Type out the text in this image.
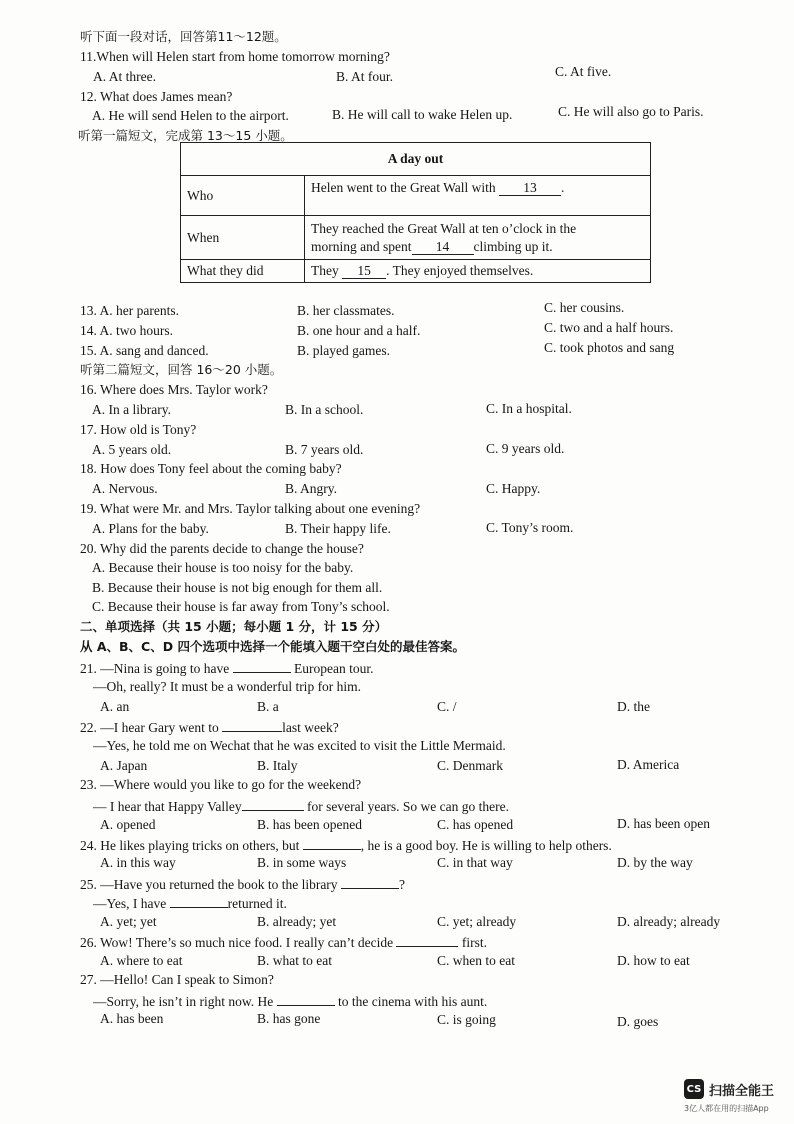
听下面一段对话，回答第11～12题。
11.When will Helen start from home tomorrow morning?
A. At three.	B. At four.	C. At five.
12. What does James mean?
A. He will send Helen to the airport.	B. He will call to wake Helen up.	C. He will also go to Paris.
听第一篇短文，完成第 13～15 小题。
A day out	
Who	Helen went to the Great Wall with 13 .
When	They reached the Great Wall at ten o’clock in the
morning and spent 14 climbing up it.

What they did	They 15 . They enjoyed themselves.
13. A. her parents.	B. her classmates.	C. her cousins.
14. A. two hours.	B. one hour and a half.	C. two and a half hours.
15. A. sang and danced.	B. played games.	C. took photos and sang
听第二篇短文，回答 16～20 小题。
16. Where does Mrs. Taylor work?
A. In a library.	B. In a school.	C. In a hospital.
17. How old is Tony?
A. 5 years old.	B. 7 years old.	C. 9 years old.
18. How does Tony feel about the coming baby?
A. Nervous.	B. Angry.	C. Happy.
19. What were Mr. and Mrs. Taylor talking about one evening?
A. Plans for the baby.	B. Their happy life.	C. Tony’s room.
20. Why did the parents decide to change the house?
A. Because their house is too noisy for the baby.
B. Because their house is not big enough for them all.
C. Because their house is far away from Tony’s school.
二、单项选择（共 15 小题；每小题 1 分，计 15 分）
从 A、B、C、D 四个选项中选择一个能填入题干空白处的最佳答案。
21. —Nina is going to have	European tour.
—Oh, really? It must be a wonderful trip for him.
A. an	B. a	C. /	D. the
22. —I hear Gary went to	last week?
—Yes, he told me on Wechat that he was excited to visit the Little Mermaid.
A. Japan	B. Italy	C. Denmark	D. America
23. —Where would you like to go for the weekend?
— I hear that Happy Valley	for several years. So we can go there.
A. opened	B. has been opened	C. has opened	D. has been open
24. He likes playing tricks on others, but	, he is a good boy. He is willing to help others.
A. in this way	B. in some ways	C. in that way	D. by the way
25. —Have you returned the book to the library	?
—Yes, I have	returned it.
A. yet; yet	B. already; yet	C. yet; already	D. already; already
26. Wow! There’s so much nice food. I really can’t decide	first.
A. where to eat	B. what to eat	C. when to eat	D. how to eat
27. —Hello! Can I speak to Simon?
—Sorry, he isn’t in right now. He	to the cinema with his aunt.
A. has been	B. has gone	C. is going	D. goes
CS 扫描全能王
3亿人都在用的扫描App
